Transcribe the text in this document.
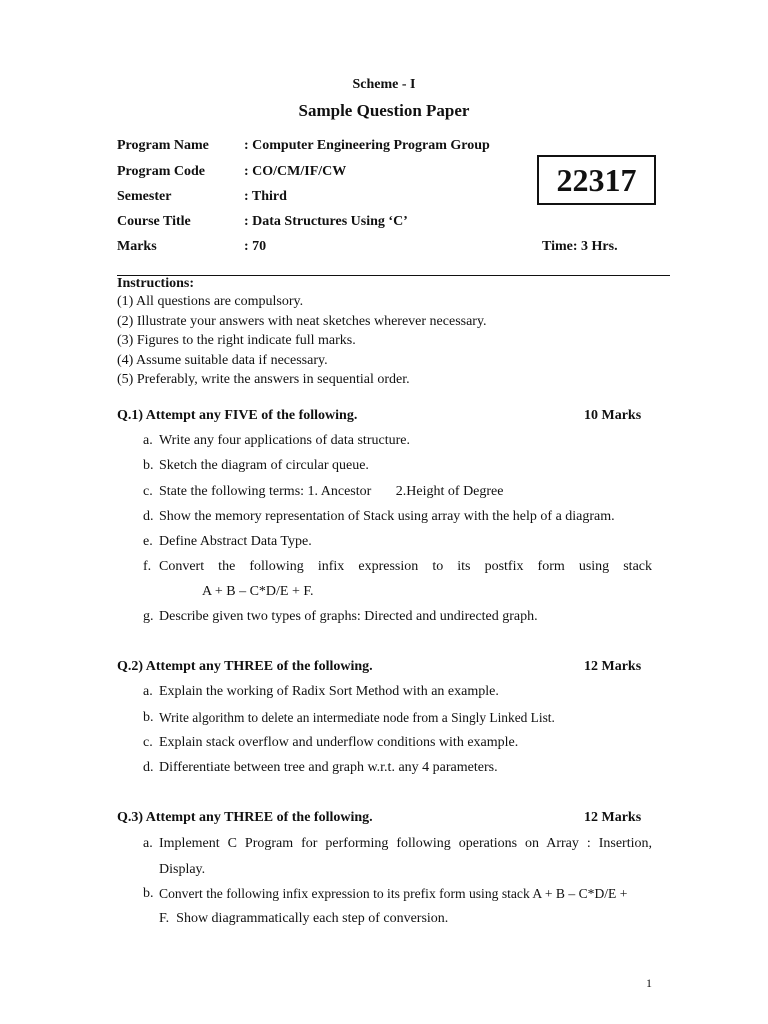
Scheme - I
Sample Question Paper
Program Name	: Computer Engineering Program Group
Program Code	: CO/CM/IF/CW
Semester	: Third
Course Title	: Data Structures Using ‘C’
Marks	: 70
22317
Time: 3 Hrs.
Instructions:
(1) All questions are compulsory.
(2) Illustrate your answers with neat sketches wherever necessary.
(3) Figures to the right indicate full marks.
(4) Assume suitable data if necessary.
(5) Preferably, write the answers in sequential order.
Q.1) Attempt any FIVE of the following.	10 Marks
a. Write any four applications of data structure.
b. Sketch the diagram of circular queue.
c. State the following terms: 1. Ancestor       2.Height of Degree
d. Show the memory representation of Stack using array with the help of a diagram.
e. Define Abstract Data Type.
f. Convert the following infix expression to its postfix form using stack
A + B – C*D/E + F.
g. Describe given two types of graphs: Directed and undirected graph.
Q.2) Attempt any THREE of the following.	12 Marks
a. Explain the working of Radix Sort Method with an example.
b. Write algorithm to delete an intermediate node from a Singly Linked List.
c. Explain stack overflow and underflow conditions with example.
d. Differentiate between tree and graph w.r.t. any 4 parameters.
Q.3) Attempt any THREE of the following.	12 Marks
a. Implement C Program for performing following operations on Array : Insertion,
Display.
b. Convert the following infix expression to its prefix form using stack A + B – C*D/E +
F.  Show diagrammatically each step of conversion.
1
